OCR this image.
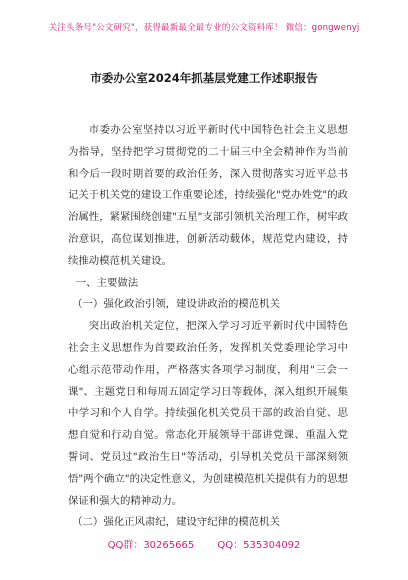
关注头条号"公文研究"，获得最新最全最专业的公文资料库！ 微信：gongwenyj
市委办公室2024年抓基层党建工作述职报告

市委办公室坚持以习近平新时代中国特色社会主义思想为指导，坚持把学习贯彻党的二十届三中全会精神作为当前和今后一段时期首要的政治任务，深入贯彻落实习近平总书记关于机关党的建设工作重要论述，持续强化"党办姓党"的政治属性，紧紧围绕创建"五星"支部引领机关治理工作，树牢政治意识，高位谋划推进，创新活动载体，规范党内建设，持续推动模范机关建设。

一、主要做法

（一）强化政治引领，建设讲政治的模范机关

突出政治机关定位，把深入学习习近平新时代中国特色社会主义思想作为首要政治任务，发挥机关党委理论学习中心组示范带动作用，严格落实各项学习制度，利用"三会一课"、主题党日和每周五固定学习日等载体，深入组织开展集中学习和个人自学。持续强化机关党员干部的政治自觉、思想自觉和行动自觉。常态化开展领导干部讲党课、重温入党誓词、党员过"政治生日"等活动，引导机关党员干部深刻领悟"两个确立"的决定性意义，为创建模范机关提供有力的思想保证和强大的精神动力。

（二）强化正风肃纪，建设守纪律的模范机关

QQ群：30265665 QQ：535304092
